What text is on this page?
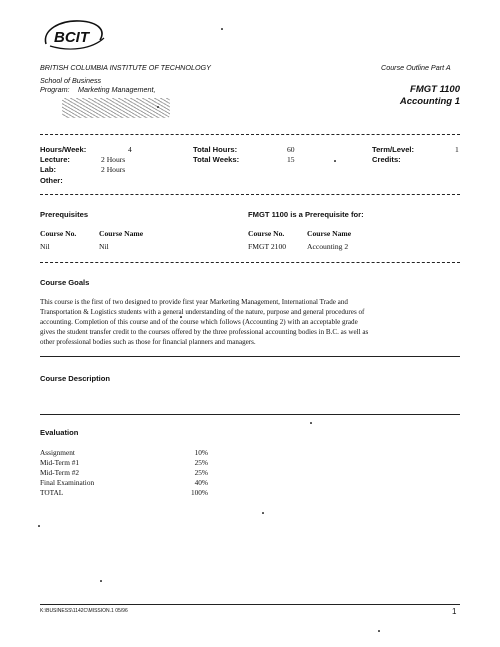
BCIT
BRITISH COLUMBIA INSTITUTE OF TECHNOLOGY	Course Outline Part A
School of Business
Program: Marketing Management,	FMGT 1100
Accounting 1
Hours/Week:	4
Lecture:	2 Hours
Lab:	2 Hours
Other:
Total Hours:	60
Total Weeks:	15
Term/Level:	1
Credits:
Prerequisites	FMGT 1100 is a Prerequisite for:
Course No.	Course Name	Course No.	Course Name
Nil	Nil	FMGT 2100	Accounting 2
Course Goals
This course is the first of two designed to provide first year Marketing Management, International Trade and
Transportation & Logistics students with a general understanding of the nature, purpose and general procedures of
accounting. Completion of this course and of the course which follows (Accounting 2) with an acceptable grade
gives the student transfer credit to the courses offered by the three professional accounting bodies in B.C. as well as
other professional bodies such as those for financial planners and managers.
Course Description
Evaluation
Assignment	10%
Mid-Term #1	25%
Mid-Term #2	25%
Final Examination	40%
TOTAL	100%
K:\BUSINESS\1142C\MISSION.1 05/96	1
